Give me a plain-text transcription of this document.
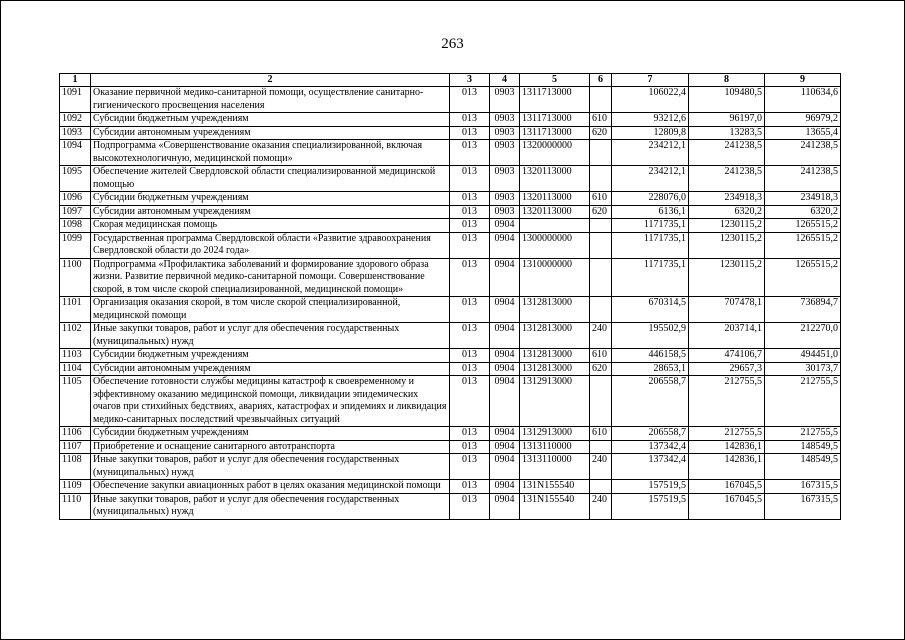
263
1	2	3	4	5	6	7	8	9
1091	Оказание первичной медико-санитарной помощи, осуществление санитарно-гигиенического просвещения населения	013	0903	1311713000		106022,4	109480,5	110634,6
1092	Субсидии бюджетным учреждениям	013	0903	1311713000	610	93212,6	96197,0	96979,2
1093	Субсидии автономным учреждениям	013	0903	1311713000	620	12809,8	13283,5	13655,4
1094	Подпрограмма «Совершенствование оказания специализированной, включая высокотехнологичную, медицинской помощи»	013	0903	1320000000		234212,1	241238,5	241238,5
1095	Обеспечение жителей Свердловской области специализированной медицинской помощью	013	0903	1320113000		234212,1	241238,5	241238,5
1096	Субсидии бюджетным учреждениям	013	0903	1320113000	610	228076,0	234918,3	234918,3
1097	Субсидии автономным учреждениям	013	0903	1320113000	620	6136,1	6320,2	6320,2
1098	Скорая медицинская помощь	013	0904			1171735,1	1230115,2	1265515,2
1099	Государственная программа Свердловской области «Развитие здравоохранения Свердловской области до 2024 года»	013	0904	1300000000		1171735,1	1230115,2	1265515,2
1100	Подпрограмма «Профилактика заболеваний и формирование здорового образа жизни. Развитие первичной медико-санитарной помощи. Совершенствование скорой, в том числе скорой специализированной, медицинской помощи»	013	0904	1310000000		1171735,1	1230115,2	1265515,2
1101	Организация оказания скорой, в том числе скорой специализированной, медицинской помощи	013	0904	1312813000		670314,5	707478,1	736894,7
1102	Иные закупки товаров, работ и услуг для обеспечения государственных (муниципальных) нужд	013	0904	1312813000	240	195502,9	203714,1	212270,0
1103	Субсидии бюджетным учреждениям	013	0904	1312813000	610	446158,5	474106,7	494451,0
1104	Субсидии автономным учреждениям	013	0904	1312813000	620	28653,1	29657,3	30173,7
1105	Обеспечение готовности службы медицины катастроф к своевременному и эффективному оказанию медицинской помощи, ликвидации эпидемических очагов при стихийных бедствиях, авариях, катастрофах и эпидемиях и ликвидация медико-санитарных последствий чрезвычайных ситуаций	013	0904	1312913000		206558,7	212755,5	212755,5
1106	Субсидии бюджетным учреждениям	013	0904	1312913000	610	206558,7	212755,5	212755,5
1107	Приобретение и оснащение санитарного автотранспорта	013	0904	1313110000		137342,4	142836,1	148549,5
1108	Иные закупки товаров, работ и услуг для обеспечения государственных (муниципальных) нужд	013	0904	1313110000	240	137342,4	142836,1	148549,5
1109	Обеспечение закупки авиационных работ в целях оказания медицинской помощи	013	0904	131N155540		157519,5	167045,5	167315,5
1110	Иные закупки товаров, работ и услуг для обеспечения государственных (муниципальных) нужд	013	0904	131N155540	240	157519,5	167045,5	167315,5
